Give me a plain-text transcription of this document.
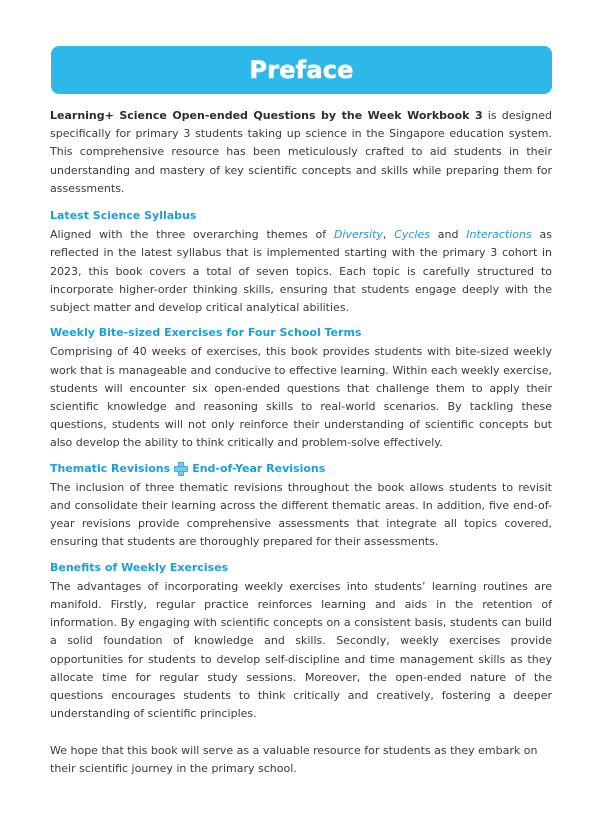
Preface

Learning+ Science Open-ended Questions by the Week Workbook 3 is designed specifically for primary 3 students taking up science in the Singapore education system. This comprehensive resource has been meticulously crafted to aid students in their understanding and mastery of key scientific concepts and skills while preparing them for assessments.

Latest Science Syllabus

Aligned with the three overarching themes of Diversity, Cycles and Interactions as reflected in the latest syllabus that is implemented starting with the primary 3 cohort in 2023, this book covers a total of seven topics. Each topic is carefully structured to incorporate higher-order thinking skills, ensuring that students engage deeply with the subject matter and develop critical analytical abilities.

Weekly Bite-sized Exercises for Four School Terms

Comprising of 40 weeks of exercises, this book provides students with bite-sized weekly work that is manageable and conducive to effective learning. Within each weekly exercise, students will encounter six open-ended questions that challenge them to apply their scientific knowledge and reasoning skills to real-world scenarios. By tackling these questions, students will not only reinforce their understanding of scientific concepts but also develop the ability to think critically and problem-solve effectively.

Thematic Revisions End-of-Year Revisions

The inclusion of three thematic revisions throughout the book allows students to revisit and consolidate their learning across the different thematic areas. In addition, five end-of-year revisions provide comprehensive assessments that integrate all topics covered, ensuring that students are thoroughly prepared for their assessments.

Benefits of Weekly Exercises

The advantages of incorporating weekly exercises into students’ learning routines are manifold. Firstly, regular practice reinforces learning and aids in the retention of information. By engaging with scientific concepts on a consistent basis, students can build a solid foundation of knowledge and skills. Secondly, weekly exercises provide opportunities for students to develop self-discipline and time management skills as they allocate time for regular study sessions. Moreover, the open-ended nature of the questions encourages students to think critically and creatively, fostering a deeper understanding of scientific principles.

We hope that this book will serve as a valuable resource for students as they embark on their scientific journey in the primary school.
